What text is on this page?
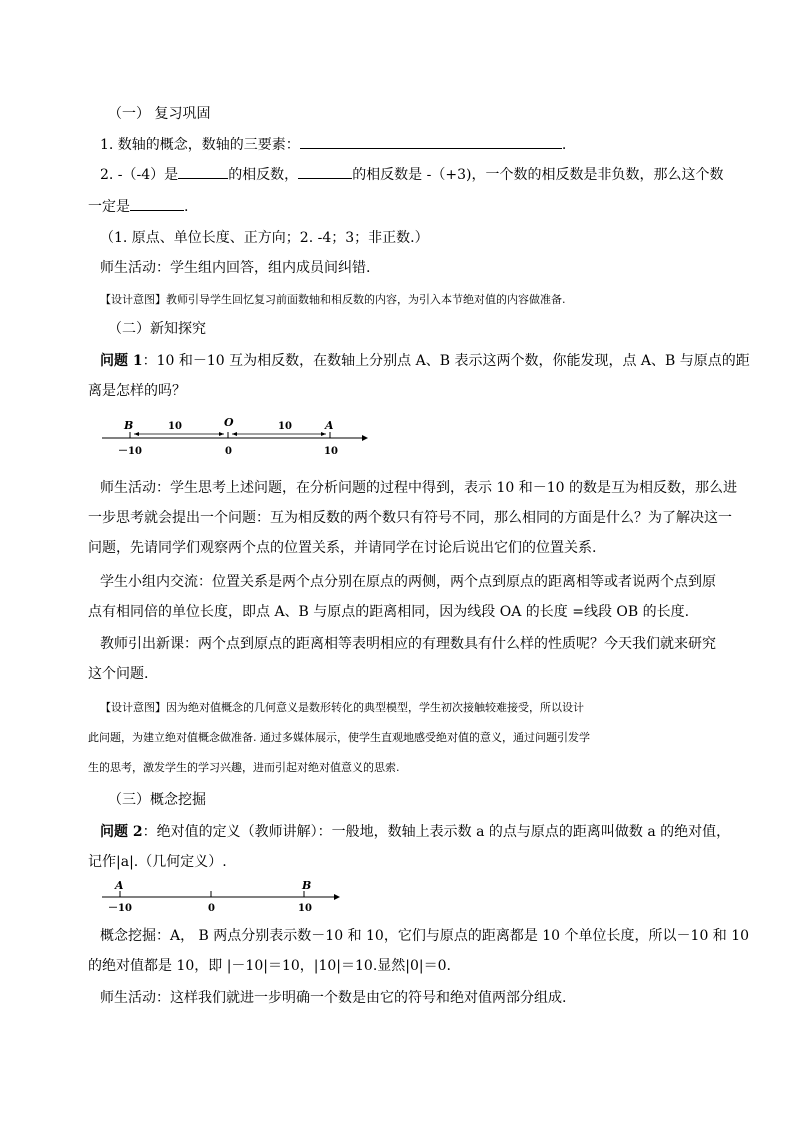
（一） 复习巩固
1. 数轴的概念，数轴的三要素：	.
2. -（-4）是	的相反数，	的相反数是 -（+3)，一个数的相反数是非负数，那么这个数
一定是	.
（1. 原点、单位长度、正方向；2. -4；3；非正数.）
师生活动：学生组内回答，组内成员间纠错.
【设计意图】教师引导学生回忆复习前面数轴和相反数的内容，为引入本节绝对值的内容做准备.
（二）新知探究
问题 1：10 和－10 互为相反数，在数轴上分别点 A、B 表示这两个数，你能发现，点 A、B 与原点的距
离是怎样的吗？
B	O	A
10	10
－10	0	10
师生活动：学生思考上述问题，在分析问题的过程中得到，表示 10 和－10 的数是互为相反数，那么进
一步思考就会提出一个问题：互为相反数的两个数只有符号不同，那么相同的方面是什么？为了解决这一
问题，先请同学们观察两个点的位置关系，并请同学在讨论后说出它们的位置关系.
学生小组内交流：位置关系是两个点分别在原点的两侧，两个点到原点的距离相等或者说两个点到原
点有相同倍的单位长度，即点 A、B 与原点的距离相同，因为线段 OA 的长度 =线段 OB 的长度.
教师引出新课：两个点到原点的距离相等表明相应的有理数具有什么样的性质呢？今天我们就来研究
这个问题.
【设计意图】因为绝对值概念的几何意义是数形转化的典型模型，学生初次接触较难接受，所以设计
此问题，为建立绝对值概念做准备. 通过多媒体展示，使学生直观地感受绝对值的意义，通过问题引发学
生的思考，激发学生的学习兴趣，进而引起对绝对值意义的思索.
（三）概念挖掘
问题 2：绝对值的定义（教师讲解）：一般地，数轴上表示数 a 的点与原点的距离叫做数 a 的绝对值，
记作|a|.（几何定义）.
A	B
－10	0	10
概念挖掘：A， B 两点分别表示数－10 和 10，它们与原点的距离都是 10 个单位长度，所以－10 和 10
的绝对值都是 10，即 |－10|＝10，|10|＝10.显然|0|＝0.
师生活动：这样我们就进一步明确一个数是由它的符号和绝对值两部分组成.
